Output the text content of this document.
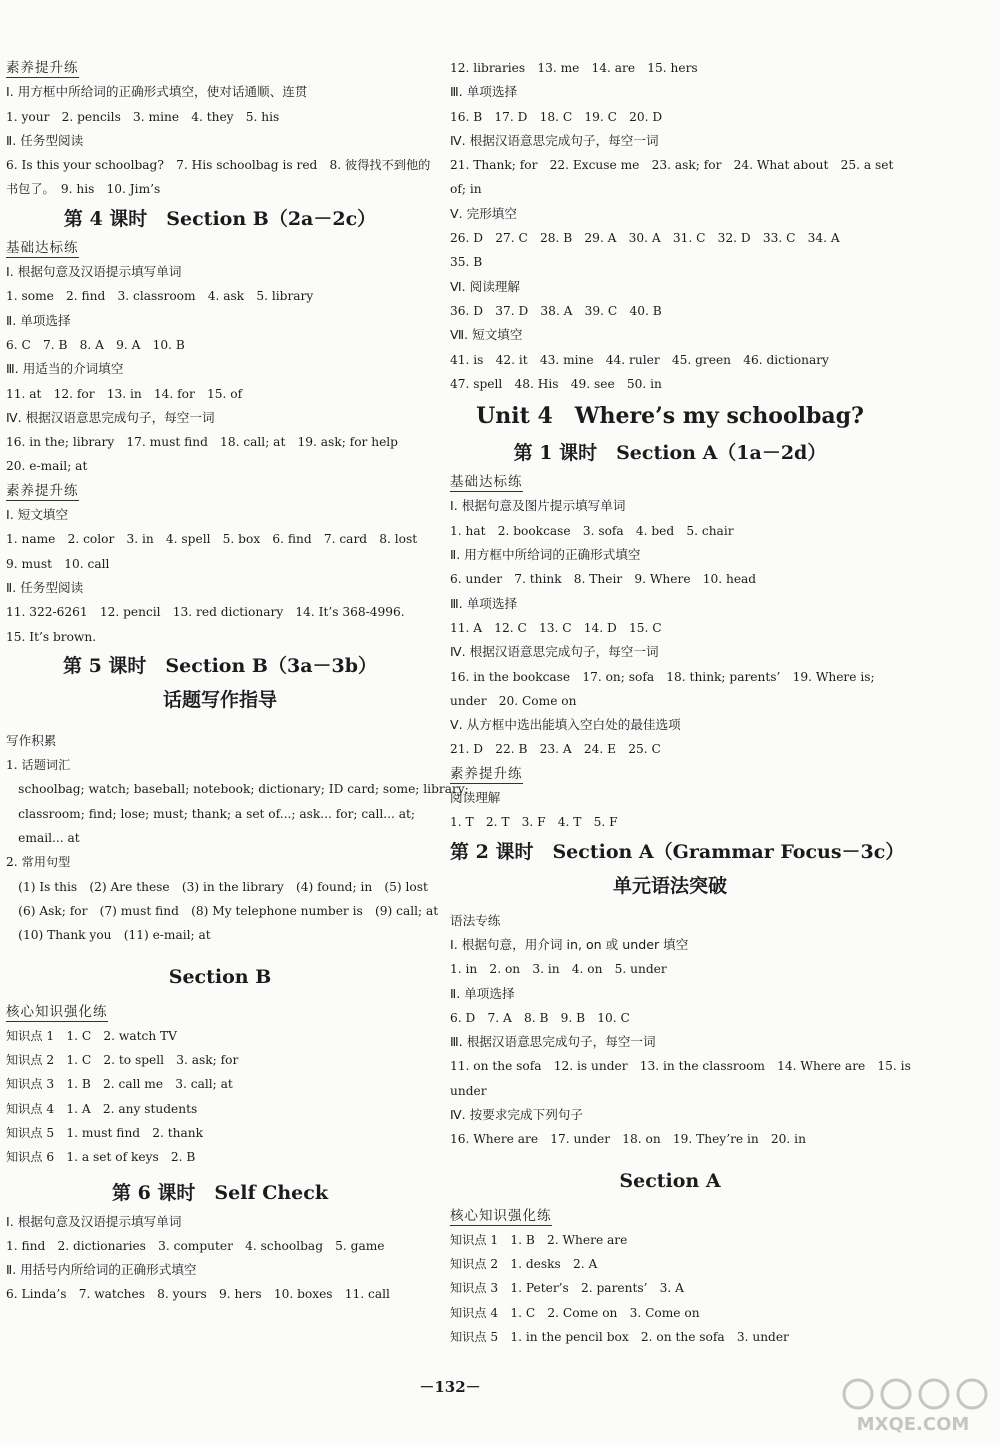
素养提升练
Ⅰ. 用方框中所给词的正确形式填空，使对话通顺、连贯
1. your　2. pencils　3. mine　4. they　5. his
Ⅱ. 任务型阅读
6. Is this your schoolbag?　7. His schoolbag is red　8. 彼得找不到他的
书包了。　9. his　10. Jim’s
第 4 课时　Section B（2a－2c）
基础达标练
Ⅰ. 根据句意及汉语提示填写单词
1. some　2. find　3. classroom　4. ask　5. library
Ⅱ. 单项选择
6. C　7. B　8. A　9. A　10. B
Ⅲ. 用适当的介词填空
11. at　12. for　13. in　14. for　15. of
Ⅳ. 根据汉语意思完成句子，每空一词
16. in the; library　17. must find　18. call; at　19. ask; for help
20. e-mail; at
素养提升练
Ⅰ. 短文填空
1. name　2. color　3. in　4. spell　5. box　6. find　7. card　8. lost
9. must　10. call
Ⅱ. 任务型阅读
11. 322-6261　12. pencil　13. red dictionary　14. It’s 368-4996.
15. It’s brown.
第 5 课时　Section B（3a－3b）
话题写作指导
写作积累
1. 话题词汇
　schoolbag; watch; baseball; notebook; dictionary; ID card; some; library;
　classroom; find; lose; must; thank; a set of...; ask... for; call... at;
　email... at
2. 常用句型
　(1) Is this　(2) Are these　(3) in the library　(4) found; in　(5) lost
　(6) Ask; for　(7) must find　(8) My telephone number is　(9) call; at
　(10) Thank you　(11) e-mail; at
Section B
核心知识强化练
知识点 1　1. C　2. watch TV
知识点 2　1. C　2. to spell　3. ask; for
知识点 3　1. B　2. call me　3. call; at
知识点 4　1. A　2. any students
知识点 5　1. must find　2. thank
知识点 6　1. a set of keys　2. B
第 6 课时　Self Check
Ⅰ. 根据句意及汉语提示填写单词
1. find　2. dictionaries　3. computer　4. schoolbag　5. game
Ⅱ. 用括号内所给词的正确形式填空
6. Linda’s　7. watches　8. yours　9. hers　10. boxes　11. call
12. libraries　13. me　14. are　15. hers
Ⅲ. 单项选择
16. B　17. D　18. C　19. C　20. D
Ⅳ. 根据汉语意思完成句子，每空一词
21. Thank; for　22. Excuse me　23. ask; for　24. What about　25. a set
of; in
Ⅴ. 完形填空
26. D　27. C　28. B　29. A　30. A　31. C　32. D　33. C　34. A
35. B
Ⅵ. 阅读理解
36. D　37. D　38. A　39. C　40. B
Ⅶ. 短文填空
41. is　42. it　43. mine　44. ruler　45. green　46. dictionary
47. spell　48. His　49. see　50. in
Unit 4　Where’s my schoolbag?
第 1 课时　Section A（1a－2d）
基础达标练
Ⅰ. 根据句意及图片提示填写单词
1. hat　2. bookcase　3. sofa　4. bed　5. chair
Ⅱ. 用方框中所给词的正确形式填空
6. under　7. think　8. Their　9. Where　10. head
Ⅲ. 单项选择
11. A　12. C　13. C　14. D　15. C
Ⅳ. 根据汉语意思完成句子，每空一词
16. in the bookcase　17. on; sofa　18. think; parents’　19. Where is;
under　20. Come on
Ⅴ. 从方框中选出能填入空白处的最佳选项
21. D　22. B　23. A　24. E　25. C
素养提升练
阅读理解
1. T　2. T　3. F　4. T　5. F
第 2 课时　Section A（Grammar Focus－3c）
单元语法突破
语法专练
Ⅰ. 根据句意，用介词 in, on 或 under 填空
1. in　2. on　3. in　4. on　5. under
Ⅱ. 单项选择
6. D　7. A　8. B　9. B　10. C
Ⅲ. 根据汉语意思完成句子，每空一词
11. on the sofa　12. is under　13. in the classroom　14. Where are　15. is
under
Ⅳ. 按要求完成下列句子
16. Where are　17. under　18. on　19. They’re in　20. in
Section A
核心知识强化练
知识点 1　1. B　2. Where are
知识点 2　1. desks　2. A
知识点 3　1. Peter’s　2. parents’　3. A
知识点 4　1. C　2. Come on　3. Come on
知识点 5　1. in the pencil box　2. on the sofa　3. under
－132－
MXQE.COM
